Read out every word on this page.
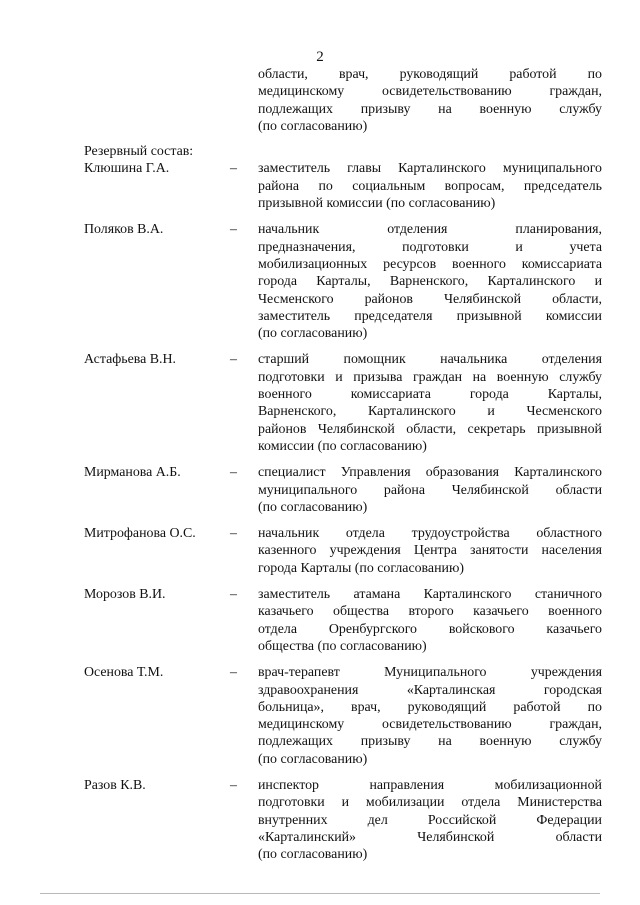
2

области, врач, руководящий работой по
медицинскому освидетельствованию граждан,
подлежащих призыву на военную службу
(по согласованию)

Резервный состав:
Клюшина Г.А.	–	заместитель главы Карталинского муниципального
района по социальным вопросам, председатель
призывной комиссии (по согласованию)

Поляков В.А.	–	начальник отделения планирования,
предназначения, подготовки и учета
мобилизационных ресурсов военного комиссариата
города Карталы, Варненского, Карталинского и
Чесменского районов Челябинской области,
заместитель председателя призывной комиссии
(по согласованию)

Астафьева В.Н.	–	старший помощник начальника отделения
подготовки и призыва граждан на военную службу
военного комиссариата города Карталы,
Варненского, Карталинского и Чесменского
районов Челябинской области, секретарь призывной
комиссии (по согласованию)

Мирманова А.Б.	–	специалист Управления образования Карталинского
муниципального района Челябинской области
(по согласованию)

Митрофанова О.С.	–	начальник отдела трудоустройства областного
казенного учреждения Центра занятости населения
города Карталы (по согласованию)

Морозов В.И.	–	заместитель атамана Карталинского станичного
казачьего общества второго казачьего военного
отдела Оренбургского войскового казачьего
общества (по согласованию)

Осенова Т.М.	–	врач-терапевт Муниципального учреждения
здравоохранения «Карталинская городская
больница», врач, руководящий работой по
медицинскому освидетельствованию граждан,
подлежащих призыву на военную службу
(по согласованию)

Разов К.В.	–	инспектор направления мобилизационной
подготовки и мобилизации отдела Министерства
внутренних дел Российской Федерации
«Карталинский» Челябинской области
(по согласованию)
